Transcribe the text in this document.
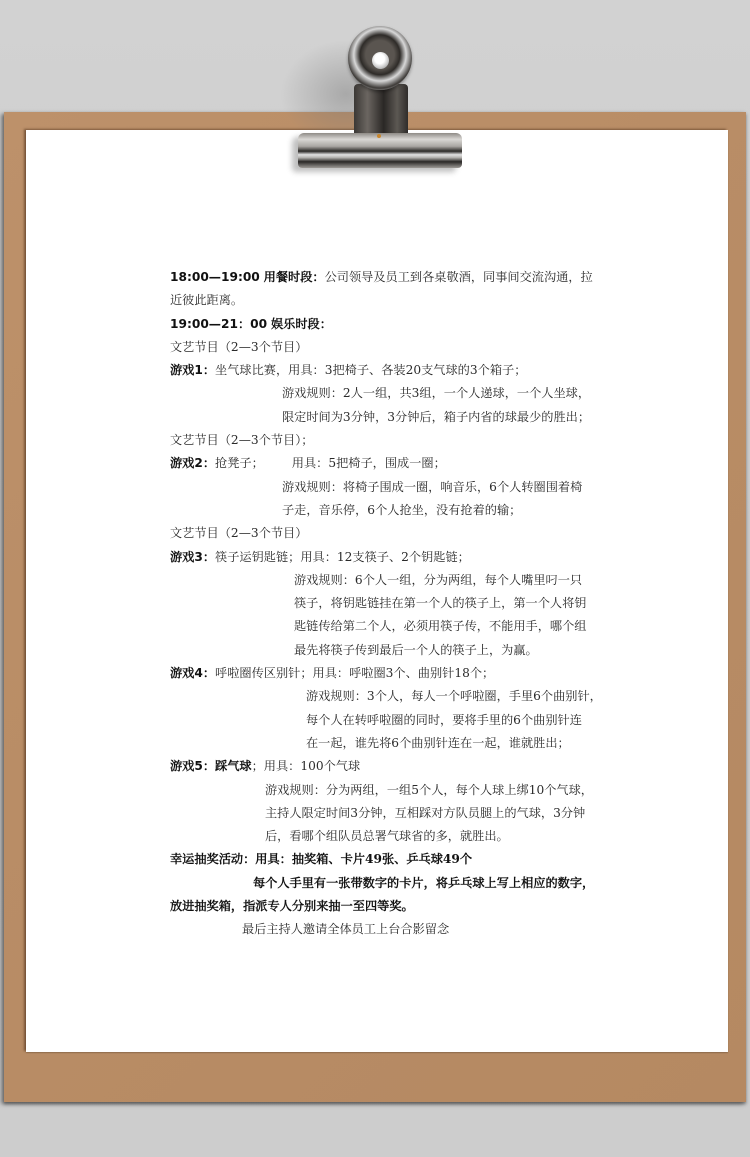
18:00—19:00 用餐时段：公司领导及员工到各桌敬酒，同事间交流沟通，拉
近彼此距离。
19:00—21：00 娱乐时段：
文艺节目（2—3个节目）
游戏1：坐气球比赛，用具：3把椅子、各装20支气球的3个箱子；
游戏规则：2人一组，共3组，一个人递球，一个人坐球，
限定时间为3分钟，3分钟后，箱子内省的球最少的胜出；
文艺节目（2—3个节目）；
游戏2：抢凳子； 用具：5把椅子，围成一圈；
游戏规则：将椅子围成一圈，响音乐，6个人转圈围着椅
子走，音乐停，6个人抢坐，没有抢着的输；
文艺节目（2—3个节目）
游戏3：筷子运钥匙链；用具：12支筷子、2个钥匙链；
游戏规则：6个人一组，分为两组，每个人嘴里叼一只
筷子，将钥匙链挂在第一个人的筷子上，第一个人将钥
匙链传给第二个人，必须用筷子传，不能用手，哪个组
最先将筷子传到最后一个人的筷子上，为赢。
游戏4：呼啦圈传区别针；用具：呼啦圈3个、曲别针18个；
游戏规则：3个人，每人一个呼啦圈，手里6个曲别针，
每个人在转呼啦圈的同时，要将手里的6个曲别针连
在一起，谁先将6个曲别针连在一起，谁就胜出；
游戏5：踩气球；用具：100个气球
游戏规则：分为两组，一组5个人，每个人球上绑10个气球，
主持人限定时间3分钟，互相踩对方队员腿上的气球，3分钟
后，看哪个组队员总署气球省的多，就胜出。
幸运抽奖活动：用具：抽奖箱、卡片49张、乒乓球49个
每个人手里有一张带数字的卡片，将乒乓球上写上相应的数字，
放进抽奖箱，指派专人分别来抽一至四等奖。
最后主持人邀请全体员工上台合影留念
